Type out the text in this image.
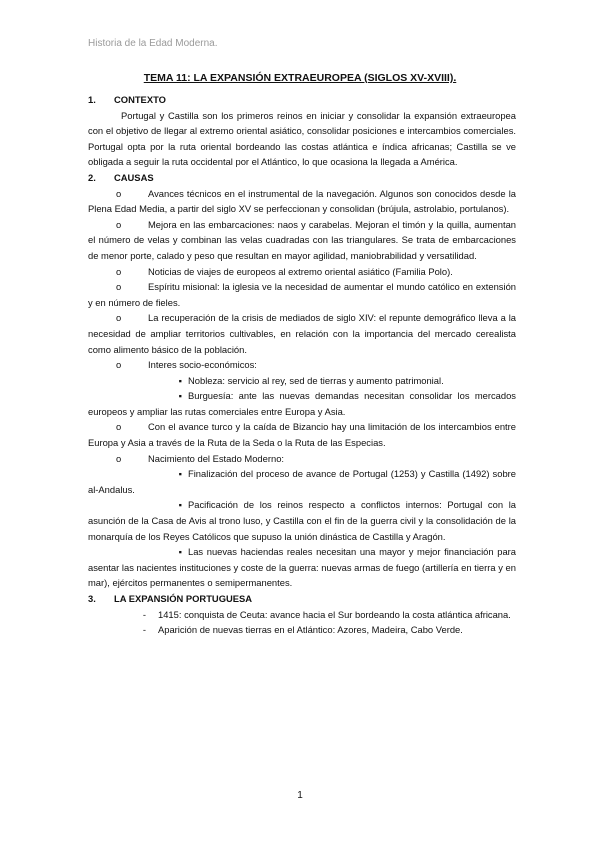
Historia de la Edad Moderna.
TEMA 11: LA EXPANSIÓN EXTRAEUROPEA (SIGLOS XV-XVIII).
1.	CONTEXTO

Portugal y Castilla son los primeros reinos en iniciar y consolidar la expansión extraeuropea con el objetivo de llegar al extremo oriental asiático, consolidar posiciones e intercambios comerciales. Portugal opta por la ruta oriental bordeando las costas atlántica e índica africanas; Castilla se ve obligada a seguir la ruta occidental por el Atlántico, lo que ocasiona la llegada a América.

2.	CAUSAS

o	Avances técnicos en el instrumental de la navegación. Algunos son conocidos desde la Plena Edad Media, a partir del siglo XV se perfeccionan y consolidan (brújula, astrolabio, portulanos).

o	Mejora en las embarcaciones: naos y carabelas. Mejoran el timón y la quilla, aumentan el número de velas y combinan las velas cuadradas con las triangulares. Se trata de embarcaciones de menor porte, calado y peso que resultan en mayor agilidad, maniobrabilidad y versatilidad.

o	Noticias de viajes de europeos al extremo oriental asiático (Familia Polo).

o	Espíritu misional: la iglesia ve la necesidad de aumentar el mundo católico en extensión y en número de fieles.

o	La recuperación de la crisis de mediados de siglo XIV: el repunte demográfico lleva a la necesidad de ampliar territorios cultivables, en relación con la importancia del mercado cerealista como alimento básico de la población.

o	Interes socio-económicos:

▪ Nobleza: servicio al rey, sed de tierras y aumento patrimonial.

▪ Burguesía: ante las nuevas demandas necesitan consolidar los mercados europeos y ampliar las rutas comerciales entre Europa y Asia.

o	Con el avance turco y la caída de Bizancio hay una limitación de los intercambios entre Europa y Asia a través de la Ruta de la Seda o la Ruta de las Especias.

o	Nacimiento del Estado Moderno:

▪ Finalización del proceso de avance de Portugal (1253) y Castilla (1492) sobre al-Andalus.

▪ Pacificación de los reinos respecto a conflictos internos: Portugal con la asunción de la Casa de Avis al trono luso, y Castilla con el fin de la guerra civil y la consolidación de la monarquía de los Reyes Católicos que supuso la unión dinástica de Castilla y Aragón.

▪ Las nuevas haciendas reales necesitan una mayor y mejor financiación para asentar las nacientes instituciones y coste de la guerra: nuevas armas de fuego (artillería en tierra y en mar), ejércitos permanentes o semipermanentes.

3.	LA EXPANSIÓN PORTUGUESA

- 1415: conquista de Ceuta: avance hacia el Sur bordeando la costa atlántica africana.

- Aparición de nuevas tierras en el Atlántico: Azores, Madeira, Cabo Verde.

1
